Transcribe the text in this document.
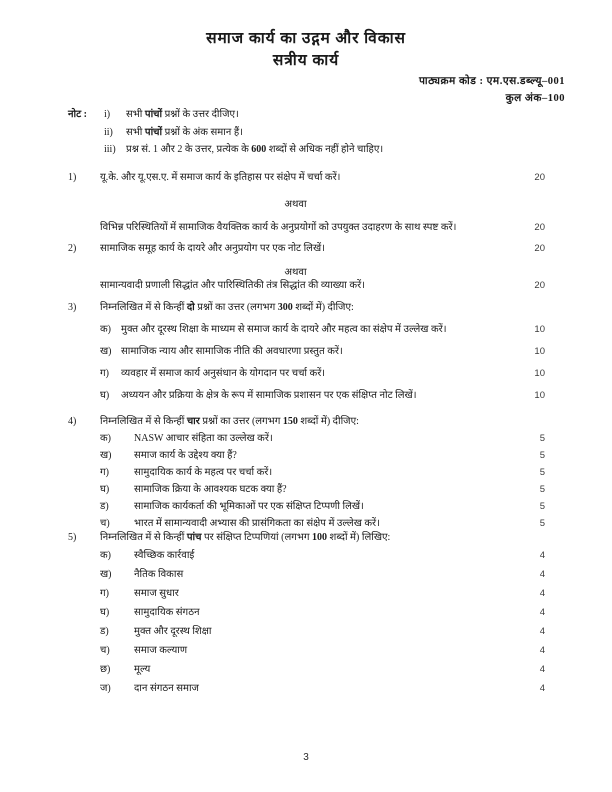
समाज कार्य का उद्गम और विकास
सत्रीय कार्य
पाठ्यक्रम कोड : एम.एस.डब्ल्यू–001
कुल अंक–100
नोट :	i)	सभी पांचों प्रश्नों के उत्तर दीजिए।
ii)	सभी पांचों प्रश्नों के अंक समान हैं।
iii)	प्रश्न सं. 1 और 2 के उत्तर, प्रत्येक के 600 शब्दों से अधिक नहीं होने चाहिए।
1)	यू.के. और यू.एस.ए. में समाज कार्य के इतिहास पर संक्षेप में चर्चा करें।	20
अथवा
विभिन्न परिस्थितियों में सामाजिक वैयक्तिक कार्य के अनुप्रयोगों को उपयुक्त उदाहरण के साथ स्पष्ट करें।	20
2)	सामाजिक समूह कार्य के दायरे और अनुप्रयोग पर एक नोट लिखें।	20
अथवा
सामान्यवादी प्रणाली सिद्धांत और पारिस्थितिकी तंत्र सिद्धांत की व्याख्या करें।	20
3)	निम्नलिखित में से किन्हीं दो प्रश्नों का उत्तर (लगभग 300 शब्दों में) दीजिए:
क) मुक्त और दूरस्थ शिक्षा के माध्यम से समाज कार्य के दायरे और महत्व का संक्षेप में उल्लेख करें।	10
ख) सामाजिक न्याय और सामाजिक नीति की अवधारणा प्रस्तुत करें।	10
ग)	व्यवहार में समाज कार्य अनुसंधान के योगदान पर चर्चा करें।	10
घ)	अध्ययन और प्रक्रिया के क्षेत्र के रूप में सामाजिक प्रशासन पर एक संक्षिप्त नोट लिखें।	10
4)	निम्नलिखित में से किन्हीं चार प्रश्नों का उत्तर (लगभग 150 शब्दों में) दीजिए:
क)	NASW आचार संहिता का उल्लेख करें।	5
ख)	समाज कार्य के उद्देश्य क्या हैं?	5
ग)	सामुदायिक कार्य के महत्व पर चर्चा करें।	5
घ)	सामाजिक क्रिया के आवश्यक घटक क्या हैं?	5
ड)	सामाजिक कार्यकर्ता की भूमिकाओं पर एक संक्षिप्त टिप्पणी लिखें।	5
च)	भारत में सामान्यवादी अभ्यास की प्रासंगिकता का संक्षेप में उल्लेख करें।	5
5)	निम्नलिखित में से किन्हीं पांच पर संक्षिप्त टिप्पणियां (लगभग 100 शब्दों में) लिखिए:
क)	स्वैच्छिक कार्रवाई	4
ख)	नैतिक विकास	4
ग)	समाज सुधार	4
घ)	सामुदायिक संगठन	4
ड)	मुक्त और दूरस्थ शिक्षा	4
च)	समाज कल्याण	4
छ)	मूल्य	4
ज)	दान संगठन समाज	4
3
